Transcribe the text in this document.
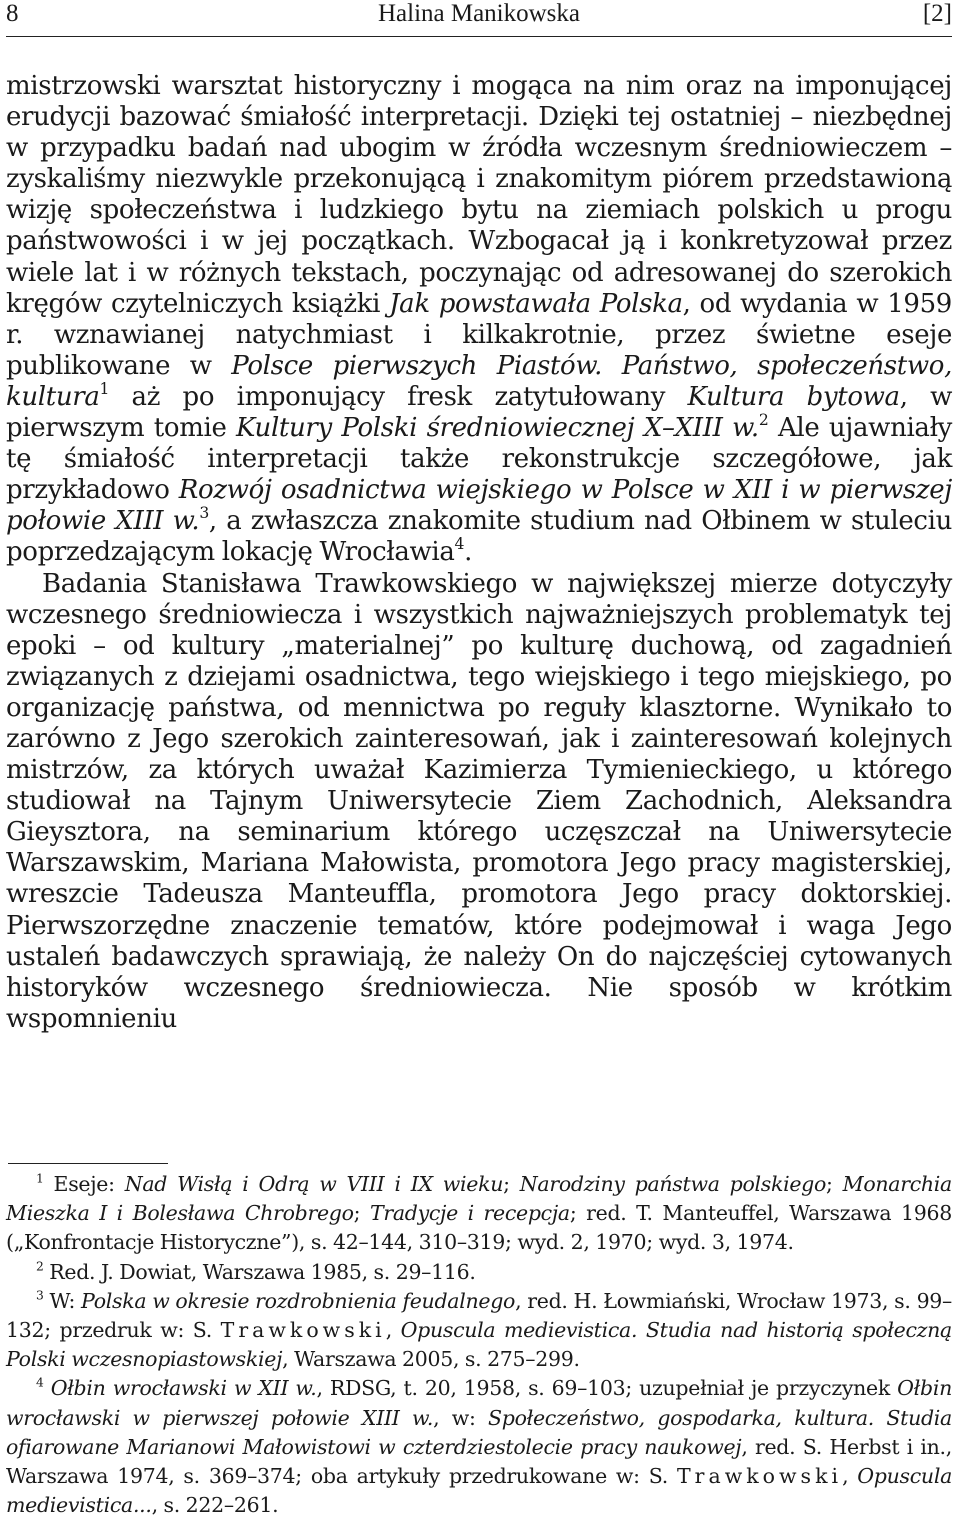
8	Halina Manikowska	[2]

mistrzowski warsztat historyczny i mogąca na nim oraz na imponującej erudycji bazować śmiałość interpretacji. Dzięki tej ostatniej – niezbędnej w przypadku badań nad ubogim w źródła wczesnym średniowieczem – zyskaliśmy niezwykle przekonującą i znakomitym piórem przedstawioną wizję społeczeństwa i ludzkiego bytu na ziemiach polskich u progu państwowości i w jej początkach. Wzbogacał ją i konkretyzował przez wiele lat i w różnych tekstach, poczynając od adresowanej do szerokich kręgów czytelniczych książki Jak powstawała Polska, od wydania w 1959 r. wznawianej natychmiast i kilkakrotnie, przez świetne eseje publikowane w Polsce pierwszych Piastów. Państwo, społeczeństwo, kultura$^1$ aż po imponujący fresk zatytułowany Kultura bytowa, w pierwszym tomie Kultury Polski średniowiecznej X–XIII w.$^2$ Ale ujawniały tę śmiałość interpretacji także rekonstrukcje szczegółowe, jak przykładowo Rozwój osadnictwa wiejskiego w Polsce w XII i w pierwszej połowie XIII w.$^3$, a zwłaszcza znakomite studium nad Ołbinem w stuleciu poprzedzającym lokację Wrocławia$^4$.

Badania Stanisława Trawkowskiego w największej mierze dotyczyły wczesnego średniowiecza i wszystkich najważniejszych problematyk tej epoki – od kultury „materialnej” po kulturę duchową, od zagadnień związanych z dziejami osadnictwa, tego wiejskiego i tego miejskiego, po organizację państwa, od mennictwa po reguły klasztorne. Wynikało to zarówno z Jego szerokich zainteresowań, jak i zainteresowań kolejnych mistrzów, za których uważał Kazimierza Tymienieckiego, u którego studiował na Tajnym Uniwersytecie Ziem Zachodnich, Aleksandra Gieysztora, na seminarium którego uczęszczał na Uniwersytecie Warszawskim, Mariana Małowista, promotora Jego pracy magisterskiej, wreszcie Tadeusza Manteuffla, promotora Jego pracy doktorskiej. Pierwszorzędne znaczenie tematów, które podejmował i waga Jego ustaleń badawczych sprawiają, że należy On do najczęściej cytowanych historyków wczesnego średniowiecza. Nie sposób w krótkim wspomnieniu

$^1$ Eseje: Nad Wisłą i Odrą w VIII i IX wieku; Narodziny państwa polskiego; Monarchia Mieszka I i Bolesława Chrobrego; Tradycje i recepcja; red. T. Manteuffel, Warszawa 1968 („Konfrontacje Historyczne”), s. 42–144, 310–319; wyd. 2, 1970; wyd. 3, 1974.

$^2$ Red. J. Dowiat, Warszawa 1985, s. 29–116.

$^3$ W: Polska w okresie rozdrobnienia feudalnego, red. H. Łowmiański, Wrocław 1973, s. 99–132; przedruk w: S. Trawkowski, Opuscula medievistica. Studia nad historią społeczną Polski wczesnopiastowskiej, Warszawa 2005, s. 275–299.

$^4$ Ołbin wrocławski w XII w., RDSG, t. 20, 1958, s. 69–103; uzupełniał je przyczynek Ołbin wrocławski w pierwszej połowie XIII w., w: Społeczeństwo, gospodarka, kultura. Studia ofiarowane Marianowi Małowistowi w czterdziestolecie pracy naukowej, red. S. Herbst i in., Warszawa 1974, s. 369–374; oba artykuły przedrukowane w: S. Trawkowski, Opuscula medievistica..., s. 222–261.
